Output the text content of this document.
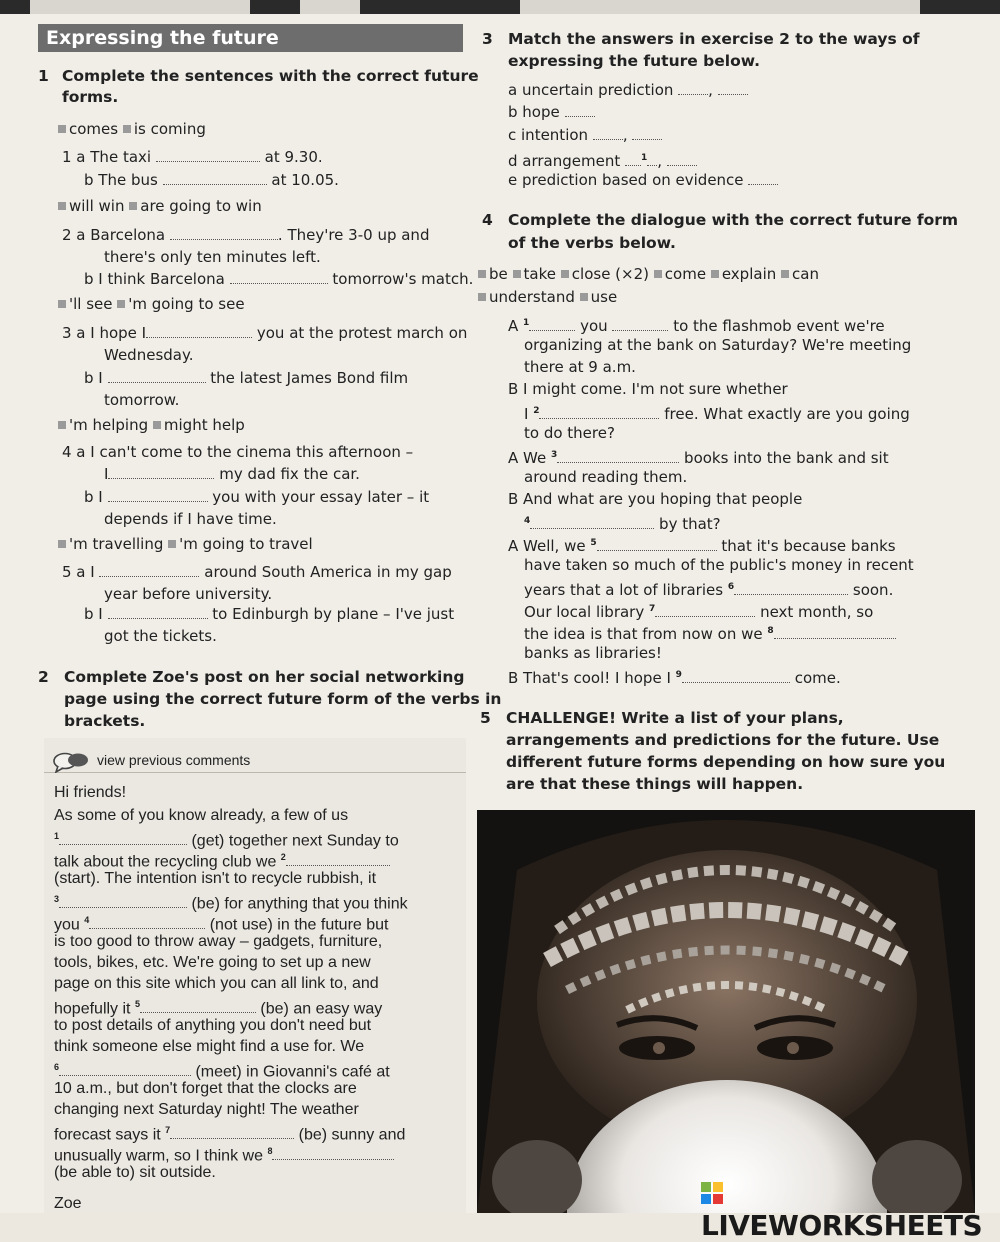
Expressing the future
1 Complete the sentences with the correct future
forms.
comes is coming
1 a The taxi	at 9.30.
b The bus	at 10.05.
will win are going to win
2 a Barcelona	. They're 3-0 up and
there's only ten minutes left.
b I think Barcelona	tomorrow's match.
'll see 'm going to see
3 a I hope I	you at the protest march on
Wednesday.
b I	the latest James Bond film
tomorrow.
'm helping might help
4 a I can't come to the cinema this afternoon –
I	my dad fix the car.
b I	you with your essay later – it
depends if I have time.
'm travelling 'm going to travel
5 a I	around South America in my gap
year before university.
b I	to Edinburgh by plane – I've just
got the tickets.
2 Complete Zoe's post on her social networking
page using the correct future form of the verbs in
brackets.
view previous comments
Hi friends!
As some of you know already, a few of us
$^1$	(get) together next Sunday to
talk about the recycling club we $^2$
(start). The intention isn't to recycle rubbish, it
$^3$	(be) for anything that you think
you $^4$	(not use) in the future but
is too good to throw away – gadgets, furniture,
tools, bikes, etc. We're going to set up a new
page on this site which you can all link to, and
hopefully it $^5$	(be) an easy way
to post details of anything you don't need but
think someone else might find a use for. We
$^6$	(meet) in Giovanni's café at
10 a.m., but don't forget that the clocks are
changing next Saturday night! The weather
forecast says it $^7$	(be) sunny and
unusually warm, so I think we $^8$
(be able to) sit outside.
Zoe
3 Match the answers in exercise 2 to the ways of
expressing the future below.
a uncertain prediction ,
b hope
c intention ,
d arrangement $^1$ ,
e prediction based on evidence
4 Complete the dialogue with the correct future form
of the verbs below.
be take close (×2) come explain can
understand use
A $^1$	you	to the flashmob event we're
organizing at the bank on Saturday? We're meeting
there at 9 a.m.
B I might come. I'm not sure whether
I $^2$	free. What exactly are you going
to do there?
A We $^3$	books into the bank and sit
around reading them.
B And what are you hoping that people
$^4$	by that?
A Well, we $^5$	that it's because banks
have taken so much of the public's money in recent
years that a lot of libraries $^6$	soon.
Our local library $^7$	next month, so
the idea is that from now on we $^8$
banks as libraries!
B That's cool! I hope I $^9$	come.
5 CHALLENGE! Write a list of your plans,
arrangements and predictions for the future. Use
different future forms depending on how sure you
are that these things will happen.
LIVEWORKSHEETS
